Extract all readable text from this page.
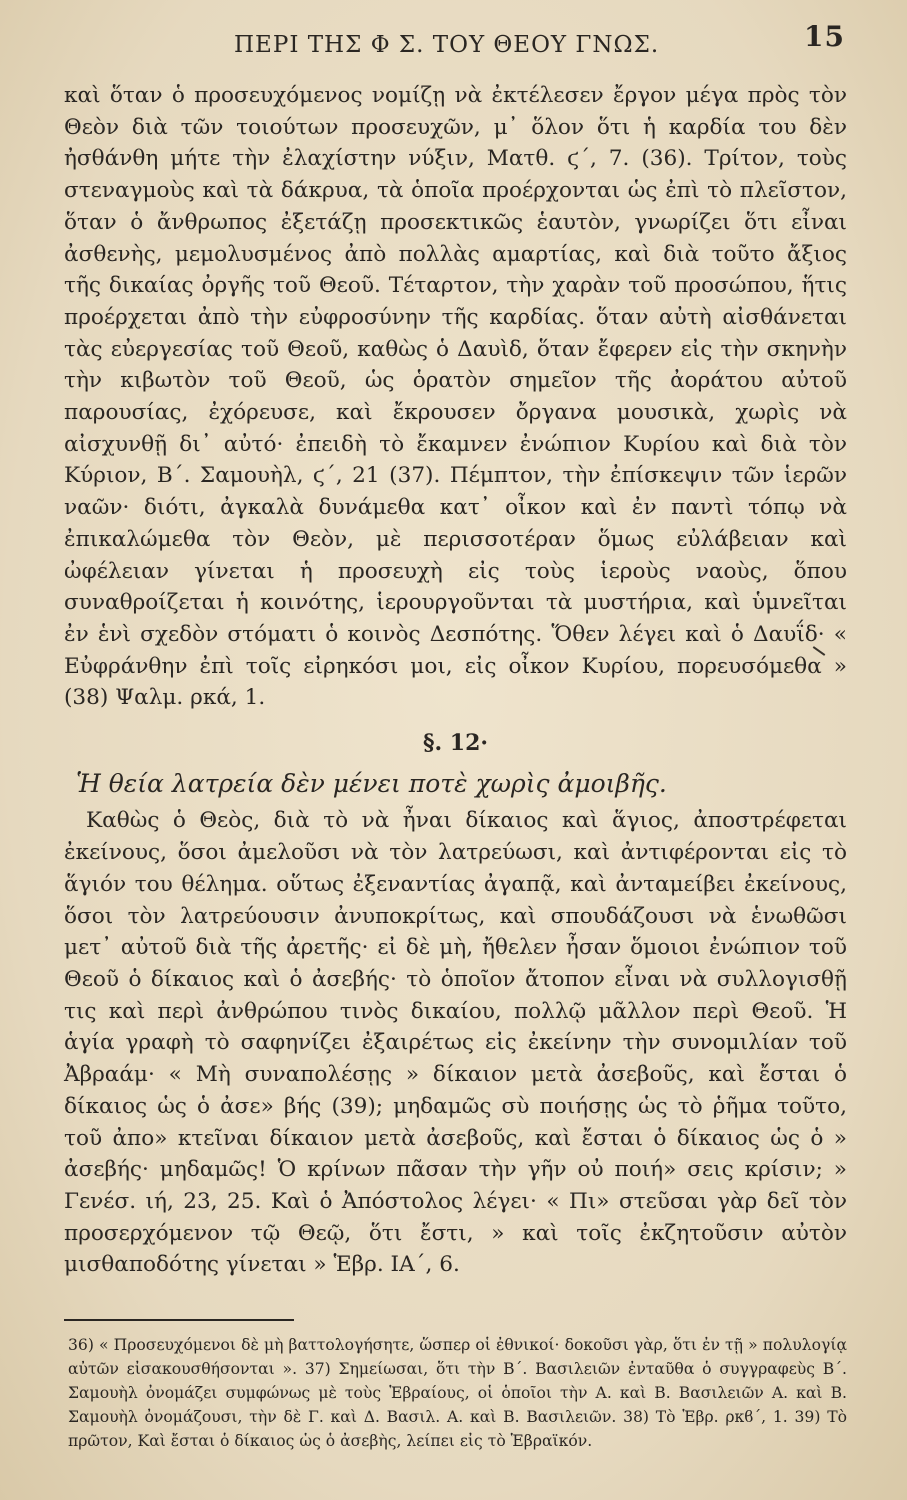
ΠΕΡΙ ΤΗΣ Φ Σ. ΤΟΥ ΘΕΟΥ ΓΝΩΣ.	15

καὶ ὅταν ὁ προσευχόμενος νομίζῃ νὰ ἐκτέλεσεν ἔργον μέγα πρὸς τὸν Θεὸν διὰ τῶν τοιούτων προσευχῶν, μ᾿ ὅλον ὅτι ἡ καρδία του δὲν ἠσθάνθη μήτε τὴν ἐλαχίστην νύξιν, Ματθ. ϛ΄, 7. (36). Τρίτον, τοὺς στεναγμοὺς καὶ τὰ δάκρυα, τὰ ὁποῖα προέρχονται ὡς ἐπὶ τὸ πλεῖστον, ὅταν ὁ ἄνθρωπος ἐξετάζῃ προσεκτικῶς ἑαυτὸν, γνωρίζει ὅτι εἶναι ἀσθενὴς, μεμολυσμένος ἀπὸ πολλὰς αμαρτίας, καὶ διὰ τοῦτο ἄξιος τῆς δικαίας ὀργῆς τοῦ Θεοῦ. Τέταρτον, τὴν χαρὰν τοῦ προσώπου, ἥτις προέρχεται ἀπὸ τὴν εὐφροσύνην τῆς καρδίας. ὅταν αὐτὴ αἰσθάνεται τὰς εὐεργεσίας τοῦ Θεοῦ, καθὼς ὁ Δαυὶδ, ὅταν ἔφερεν εἰς τὴν σκηνὴν τὴν κιβωτὸν τοῦ Θεοῦ, ὡς ὁρατὸν σημεῖον τῆς ἀοράτου αὐτοῦ παρουσίας, ἐχόρευσε, καὶ ἔκρουσεν ὄργανα μουσικὰ, χωρὶς νὰ αἰσχυνθῇ δι᾿ αὐτό· ἐπειδὴ τὸ ἔκαμνεν ἐνώπιον Κυρίου καὶ διὰ τὸν Κύριον, Β΄. Σαμουὴλ, ϛ΄, 21 (37). Πέμπτον, τὴν ἐπίσκεψιν τῶν ἱερῶν ναῶν· διότι, ἀγκαλὰ δυνάμεθα κατ᾿ οἶκον καὶ ἐν παντὶ τόπῳ νὰ ἐπικαλώμεθα τὸν Θεὸν, μὲ περισσοτέραν ὅμως εὐλάβειαν καὶ ὠφέλειαν γίνεται ἡ προσευχὴ εἰς τοὺς ἱεροὺς ναοὺς, ὅπου συναθροίζεται ἡ κοινότης, ἱερουργοῦνται τὰ μυστήρια, καὶ ὑμνεῖται ἐν ἑνὶ σχεδὸν στόματι ὁ κοινὸς Δεσπότης. Ὅθεν λέγει καὶ ὁ Δαυΐδ· « Εὐφράνθην ἐπὶ τοῖς εἰρηκόσι μοι, εἰς οἶκον Κυρίου, πορευσόμεθα » (38) Ψαλμ. ρκά, 1.

§. 12·
Ἡ θεία λατρεία δὲν μένει ποτὲ χωρὶς ἀμοιβῆς.

Καθὼς ὁ Θεὸς, διὰ τὸ νὰ ἦναι δίκαιος καὶ ἅγιος, ἀποστρέφεται ἐκείνους, ὅσοι ἀμελοῦσι νὰ τὸν λατρεύωσι, καὶ ἀντιφέρονται εἰς τὸ ἅγιόν του θέλημα. οὕτως ἐξεναντίας ἀγαπᾷ, καὶ ἀνταμείβει ἐκείνους, ὅσοι τὸν λατρεύουσιν ἀνυποκρίτως, καὶ σπουδάζουσι νὰ ἑνωθῶσι μετ᾿ αὐτοῦ διὰ τῆς ἀρετῆς· εἰ δὲ μὴ, ἤθελεν ἦσαν ὅμοιοι ἐνώπιον τοῦ Θεοῦ ὁ δίκαιος καὶ ὁ ἀσεβής· τὸ ὁποῖον ἄτοπον εἶναι νὰ συλλογισθῇ τις καὶ περὶ ἀνθρώπου τινὸς δικαίου, πολλῷ μᾶλλον περὶ Θεοῦ. Ἡ ἁγία γραφὴ τὸ σαφηνίζει ἐξαιρέτως εἰς ἐκείνην τὴν συνομιλίαν τοῦ Ἀβραάμ· « Μὴ συναπολέσῃς » δίκαιον μετὰ ἀσεβοῦς, καὶ ἔσται ὁ δίκαιος ὡς ὁ ἀσε» βής (39); μηδαμῶς σὺ ποιήσῃς ὡς τὸ ῥῆμα τοῦτο, τοῦ ἀπο» κτεῖναι δίκαιον μετὰ ἀσεβοῦς, καὶ ἔσται ὁ δίκαιος ὡς ὁ » ἀσεβής· μηδαμῶς! Ὁ κρίνων πᾶσαν τὴν γῆν οὐ ποιή» σεις κρίσιν; » Γενέσ. ιή, 23, 25. Καὶ ὁ Ἀπόστολος λέγει· « Πι» στεῦσαι γὰρ δεῖ τὸν προσερχόμενον τῷ Θεῷ, ὅτι ἔστι, » καὶ τοῖς ἐκζητοῦσιν αὐτὸν μισθαποδότης γίνεται » Ἑβρ. ΙΑ΄, 6.

36) « Προσευχόμενοι δὲ μὴ βαττολογήσητε, ὥσπερ οἱ ἐθνικοί· δοκοῦσι γὰρ, ὅτι ἐν τῇ » πολυλογίᾳ αὐτῶν εἰσακουσθήσονται ». 37) Σημείωσαι, ὅτι τὴν Β΄. Βασιλειῶν ἐνταῦθα ὁ συγγραφεὺς Β΄. Σαμουὴλ ὀνομάζει συμφώνως μὲ τοὺς Ἑβραίους, οἱ ὁποῖοι τὴν Α. καὶ Β. Βασιλειῶν Α. καὶ Β. Σαμουὴλ ὀνομάζουσι, τὴν δὲ Γ. καὶ Δ. Βασιλ. Α. καὶ Β. Βασιλειῶν. 38) Τὸ Ἑβρ. ρκϐ΄, 1. 39) Τὸ πρῶτον, Καὶ ἔσται ὁ δίκαιος ὡς ὁ ἀσεβὴς, λείπει εἰς τὸ Ἑβραϊκόν.
